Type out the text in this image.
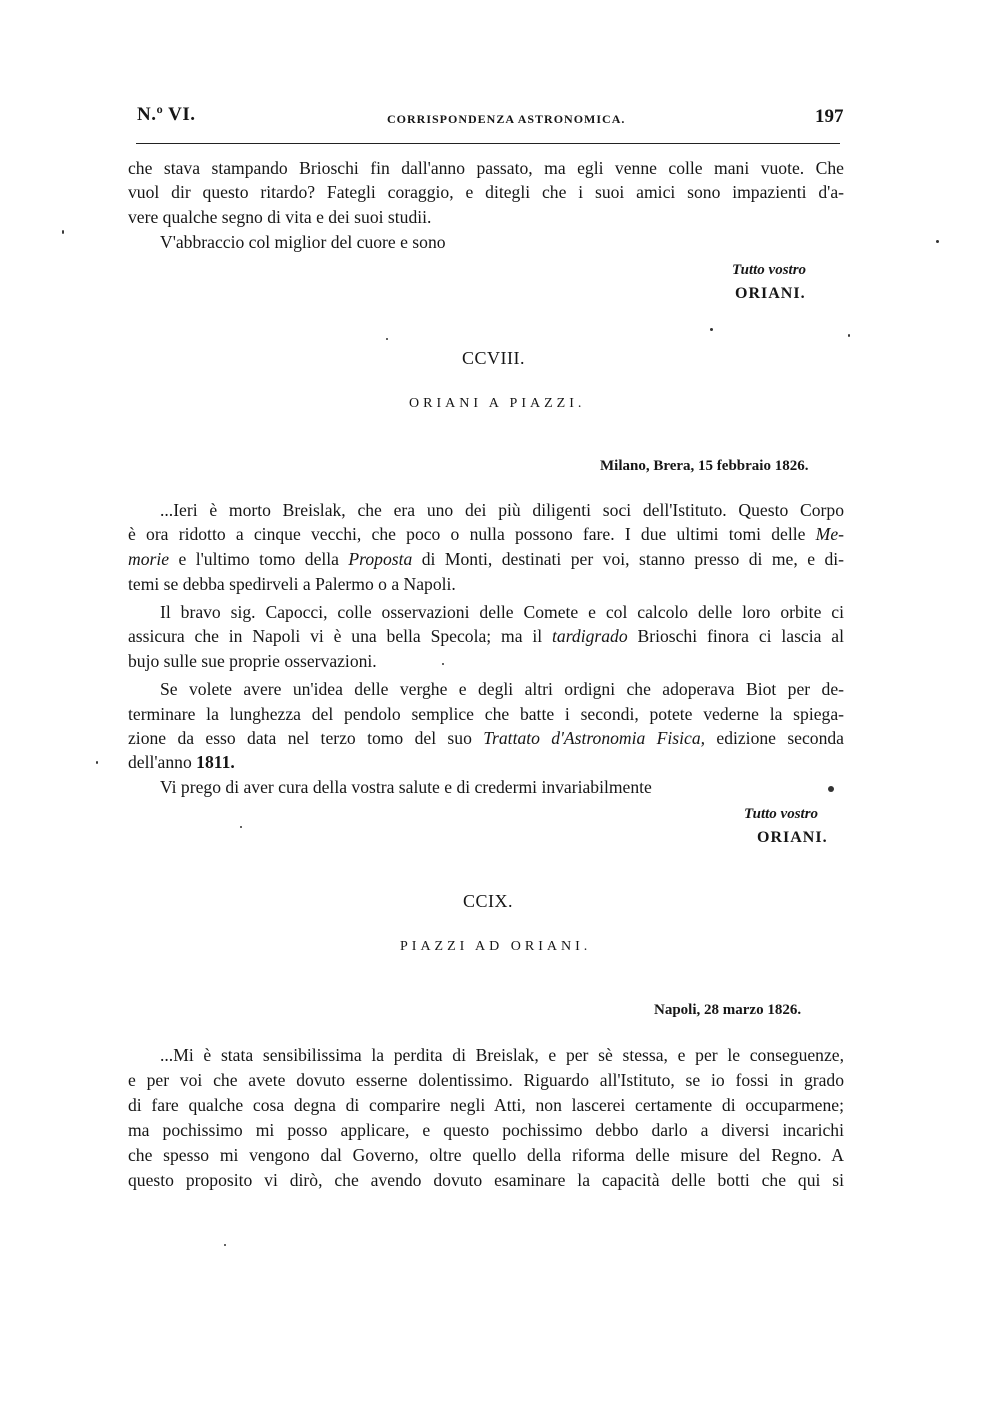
N.º VI.	CORRISPONDENZA ASTRONOMICA.	197
che stava stampando Brioschi fin dall'anno passato, ma egli venne colle mani vuote. Che
vuol dir questo ritardo? Fategli coraggio, e ditegli che i suoi amici sono impazienti d'a-
vere qualche segno di vita e dei suoi studii.
V'abbraccio col miglior del cuore e sono
Tutto vostro
ORIANI.
CCVIII.
ORIANI A PIAZZI.
Milano, Brera, 15 febbraio 1826.
...Ieri è morto Breislak, che era uno dei più diligenti soci dell'Istituto. Questo Corpo
è ora ridotto a cinque vecchi, che poco o nulla possono fare. I due ultimi tomi delle Me-
morie e l'ultimo tomo della Proposta di Monti, destinati per voi, stanno presso di me, e di-
temi se debba spedirveli a Palermo o a Napoli.
Il bravo sig. Capocci, colle osservazioni delle Comete e col calcolo delle loro orbite ci
assicura che in Napoli vi è una bella Specola; ma il tardigrado Brioschi finora ci lascia al
bujo sulle sue proprie osservazioni.
Se volete avere un'idea delle verghe e degli altri ordigni che adoperava Biot per de-
terminare la lunghezza del pendolo semplice che batte i secondi, potete vederne la spiega-
zione da esso data nel terzo tomo del suo Trattato d'Astronomia Fisica, edizione seconda
dell'anno 1811.
Vi prego di aver cura della vostra salute e di credermi invariabilmente
Tutto vostro
ORIANI.
CCIX.
PIAZZI AD ORIANI.
Napoli, 28 marzo 1826.
...Mi è stata sensibilissima la perdita di Breislak, e per sè stessa, e per le conseguenze,
e per voi che avete dovuto esserne dolentissimo. Riguardo all'Istituto, se io fossi in grado
di fare qualche cosa degna di comparire negli Atti, non lascerei certamente di occuparmene;
ma pochissimo mi posso applicare, e questo pochissimo debbo darlo a diversi incarichi
che spesso mi vengono dal Governo, oltre quello della riforma delle misure del Regno. A
questo proposito vi dirò, che avendo dovuto esaminare la capacità delle botti che qui si
